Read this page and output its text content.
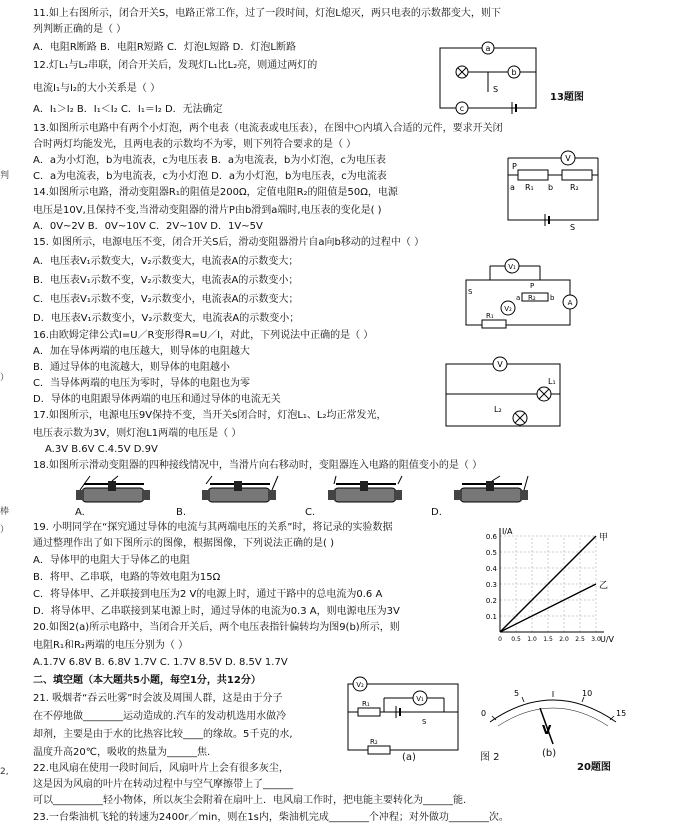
判
）
棒
）
2,
11.如上右图所示，闭合开关S，电路正常工作，过了一段时间，灯泡L熄灭，两只电表的示数都变大，则下
列判断正确的是（ ）
A．电阻R断路 B．电阻R短路 C．灯泡L短路 D．灯泡L断路
12.灯L₁与L₂串联，闭合开关后，发现灯L₁比L₂亮，则通过两灯的
电流I₁与I₂的大小关系是（ ）
A．I₁＞I₂ B．I₁＜I₂ C．I₁＝I₂ D．无法确定
13.如图所示电路中有两个小灯泡，两个电表（电流表或电压表），在图中○内填入合适的元件，要求开关闭
合时两灯均能发光，且两电表的示数均不为零，则下列符合要求的是（ ）
A．a为小灯泡，b为电流表，c为电压表 B．a为电流表，b为小灯泡，c为电压表
C．a为电流表，b为电流表，c为小灯泡 D．a为小灯泡，b为电压表，c为电流表
14.如图所示电路，滑动变阻器R₁的阻值是200Ω，定值电阻R₂的阻值是50Ω，电源
电压是10V,且保持不变,当滑动变阻器的滑片P由b滑到a端时,电压表的变化是( )
A．0V~2V B．0V~10V C．2V~10V D．1V~5V
15. 如图所示，电源电压不变，闭合开关S后，滑动变阻器滑片自a向b移动的过程中（ ）
A．电压表V₁示数变大，V₂示数变大，电流表A的示数变大；
B．电压表V₁示数不变，V₂示数变大，电流表A的示数变小；
C．电压表V₁示数不变，V₂示数变小，电流表A的示数变大；
D．电压表V₁示数变小，V₂示数变大，电流表A的示数变小；
16.由欧姆定律公式I=U／R变形得R=U／I，对此，下列说法中正确的是（ ）
A．加在导体两端的电压越大，则导体的电阻越大
B．通过导体的电流越大，则导体的电阻越小
C．当导体两端的电压为零时，导体的电阻也为零
D．导体的电阻跟导体两端的电压和通过导体的电流无关
17.如图所示，电源电压9V保持不变，当开关s闭合时，灯泡L₁、L₂均正常发光，
电压表示数为3V，则灯泡L1两端的电压是（ ）
A.3V B.6V C.4.5V D.9V
18.如图所示滑动变阻器的四种接线情况中，当滑片向右移动时，变阻器连入电路的阻值变小的是（ ）
19. 小明同学在“探究通过导体的电流与其两端电压的关系”时，将记录的实验数据
通过整理作出了如下图所示的图像，根据图像，下列说法正确的是( )
A．导体甲的电阻大于导体乙的电阻
B．将甲、乙串联，电路的等效电阻为15Ω
C．将导体甲、乙并联接到电压为2 V的电源上时，通过干路中的总电流为0.6 A
D．将导体甲、乙串联接到某电源上时，通过导体的电流为0.3 A，则电源电压为3V
20.如图2(a)所示电路中，当闭合开关后，两个电压表指针偏转均为图9(b)所示，则
电阻R₁和R₂两端的电压分别为（ ）
A.1.7V 6.8V B. 6.8V 1.7V C. 1.7V 8.5V D. 8.5V 1.7V
二、填空题（本大题共5小题，每空1分，共12分）
21. 吸烟者“吞云吐雾”时会波及周围人群，这是由于分子
在不停地做________运动造成的.汽车的发动机选用水做冷
却剂，主要是由于水的比热容比较____的缘故。5千克的水,
温度升高20℃，吸收的热量为______焦.
22.电风扇在使用一段时间后，风扇叶片上会有很多灰尘，
这是因为风扇的叶片在转动过程中与空气摩擦带上了______
可以__________轻小物体，所以灰尘会附着在扇叶上．电风扇工作时，把电能主要转化为______能.
23.一台柴油机飞轮的转速为2400r／min，则在1s内，柴油机完成________个冲程；对外做功________次。
a
b
S
c
13题图
V
P
a R₁ b R₂
S
V₁
P
a R₂ b
A
V₂
R₁
S
V
L₁
L₂
A.	B.	C.	D.
0.1
0.2
0.3
0.4
0.5
0.6
0 0.5 1.0 1.5 2.0 2.5 3.0
I/A
U/V
甲
乙
V₂
V₁
R₁
S
R₂
(a)	图 2
0
5	10
15
V
(b)
20题图
